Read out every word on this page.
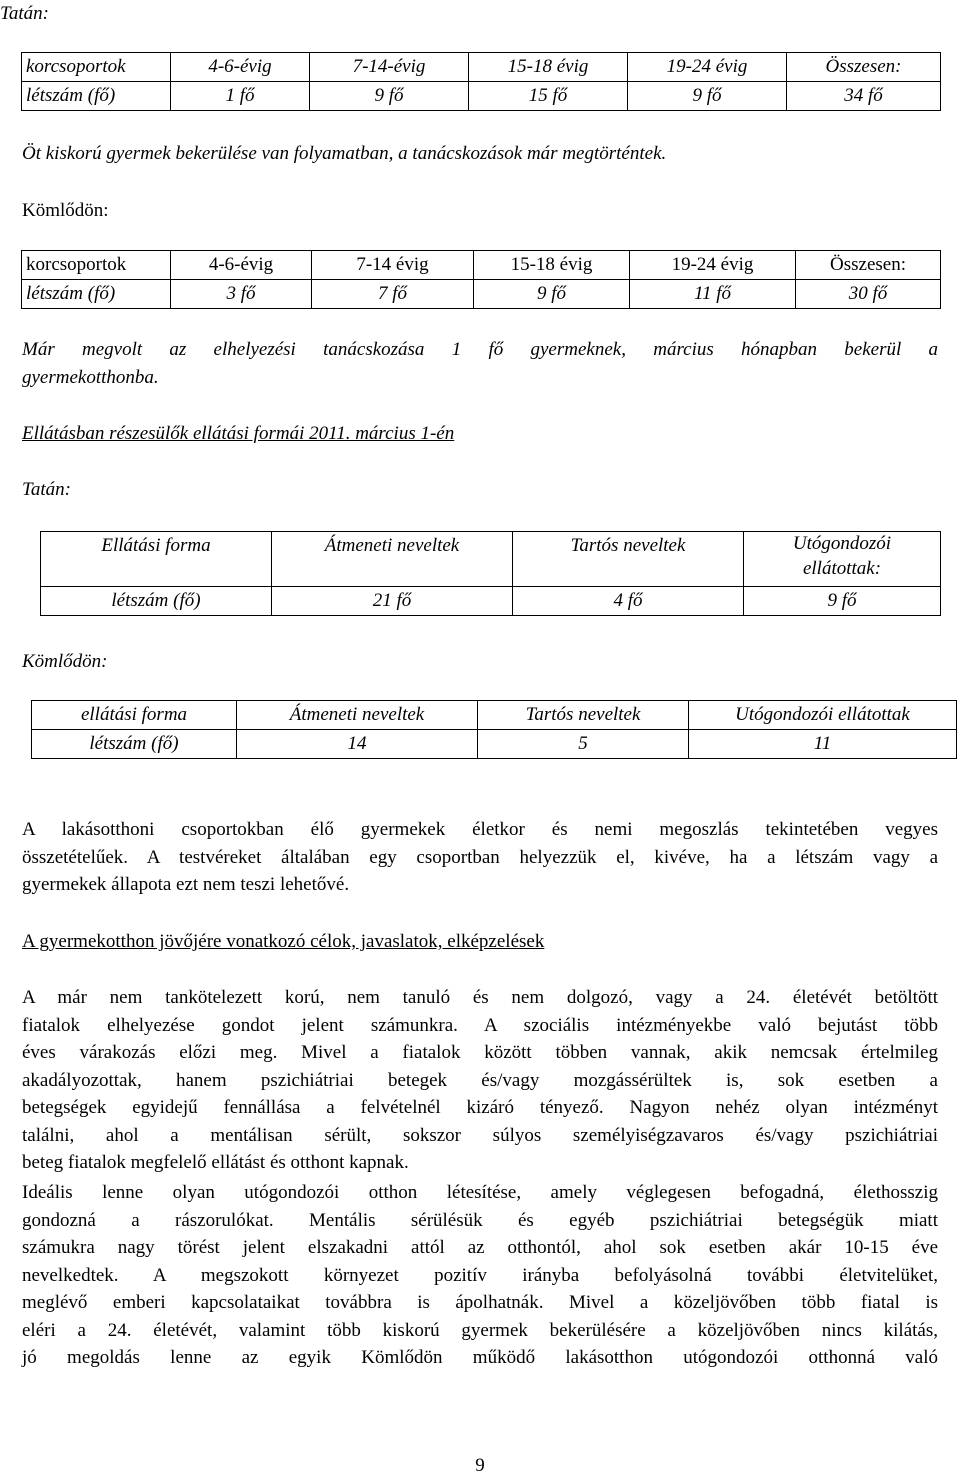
Tatán:
korcsoportok	4-6-évig	7-14-évig	15-18 évig	19-24 évig	Összesen:
létszám (fő)	1 fő	9 fő	15 fő	9 fő	34 fő
Öt kiskorú gyermek bekerülése van folyamatban, a tanácskozások már megtörténtek.
Kömlődön:
korcsoportok	4-6-évig	7-14 évig	15-18 évig	19-24 évig	Összesen:
létszám (fő)	3 fő	7 fő	9 fő	11 fő	30 fő
Már megvolt az elhelyezési tanácskozása 1 fő gyermeknek, március hónapban bekerül a
gyermekotthonba.
Ellátásban részesülők ellátási formái 2011. március 1-én
Tatán:
Ellátási forma	Átmeneti neveltek	Tartós neveltek	Utógondozói
ellátottak:

létszám (fő)	21 fő	4 fő	9 fő
Kömlődön:
ellátási forma	Átmeneti neveltek	Tartós neveltek	Utógondozói ellátottak
létszám (fő)	14	5	11
A lakásotthoni csoportokban élő gyermekek életkor és nemi megoszlás tekintetében vegyes
összetételűek. A testvéreket általában egy csoportban helyezzük el, kivéve, ha a létszám vagy a
gyermekek állapota ezt nem teszi lehetővé.
A gyermekotthon jövőjére vonatkozó célok, javaslatok, elképzelések
A már nem tankötelezett korú, nem tanuló és nem dolgozó, vagy a 24. életévét betöltött
fiatalok elhelyezése gondot jelent számunkra. A szociális intézményekbe való bejutást több
éves várakozás előzi meg. Mivel a fiatalok között többen vannak, akik nemcsak értelmileg
akadályozottak, hanem pszichiátriai betegek és/vagy mozgássérültek is, sok esetben a
betegségek egyidejű fennállása a felvételnél kizáró tényező. Nagyon nehéz olyan intézményt
találni, ahol a mentálisan sérült, sokszor súlyos személyiségzavaros és/vagy pszichiátriai
beteg fiatalok megfelelő ellátást és otthont kapnak.
Ideális lenne olyan utógondozói otthon létesítése, amely véglegesen befogadná, élethosszig
gondozná a rászorulókat. Mentális sérülésük és egyéb pszichiátriai betegségük miatt
számukra nagy törést jelent elszakadni attól az otthontól, ahol sok esetben akár 10-15 éve
nevelkedtek. A megszokott környezet pozitív irányba befolyásolná további életvitelüket,
meglévő emberi kapcsolataikat továbbra is ápolhatnák. Mivel a közeljövőben több fiatal is
eléri a 24. életévét, valamint több kiskorú gyermek bekerülésére a közeljövőben nincs kilátás,
jó megoldás lenne az egyik Kömlődön működő lakásotthon utógondozói otthonná való
9
